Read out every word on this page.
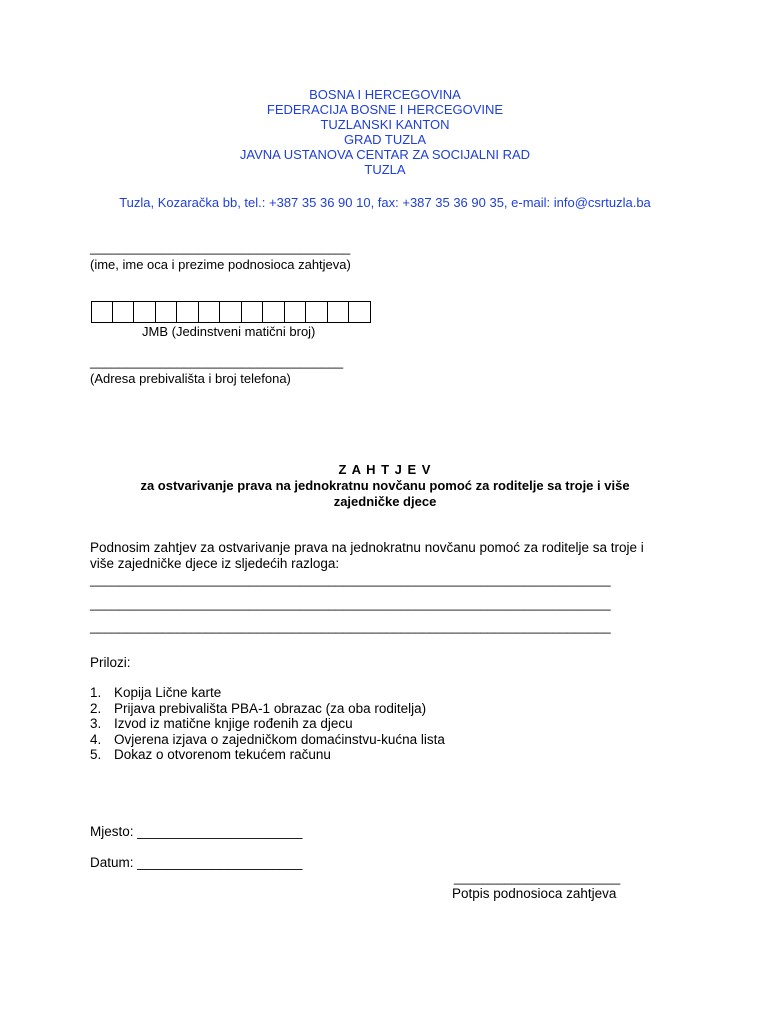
BOSNA I HERCEGOVINA
FEDERACIJA BOSNE I HERCEGOVINE
TUZLANSKI KANTON
GRAD TUZLA
JAVNA USTANOVA CENTAR ZA SOCIJALNI RAD
TUZLA
Tuzla, Kozaračka bb, tel.: +387 35 36 90 10, fax: +387 35 36 90 35, e-mail: info@csrtuzla.ba
____________________________________
(ime, ime oca i prezime podnosioca zahtjeva)
JMB (Jedinstveni matični broj)
___________________________________
(Adresa prebivališta i broj telefona)
Z A H T J E V
za ostvarivanje prava na jednokratnu novčanu pomoć za roditelje sa troje i više
zajedničke djece
Podnosim zahtjev za ostvarivanje prava na jednokratnu novčanu pomoć za roditelje sa troje i
više zajedničke djece iz sljedećih razloga:
________________________________________________________________________
________________________________________________________________________
________________________________________________________________________
Prilozi:
1. Kopija Lične karte
2. Prijava prebivališta PBA-1 obrazac (za oba roditelja)
3. Izvod iz matične knjige rođenih za djecu
4. Ovjerena izjava o zajedničkom domaćinstvu-kućna lista
5. Dokaz o otvorenom tekućem računu
Mjesto: ______________________
Datum: ______________________
_______________________
Potpis podnosioca zahtjeva
